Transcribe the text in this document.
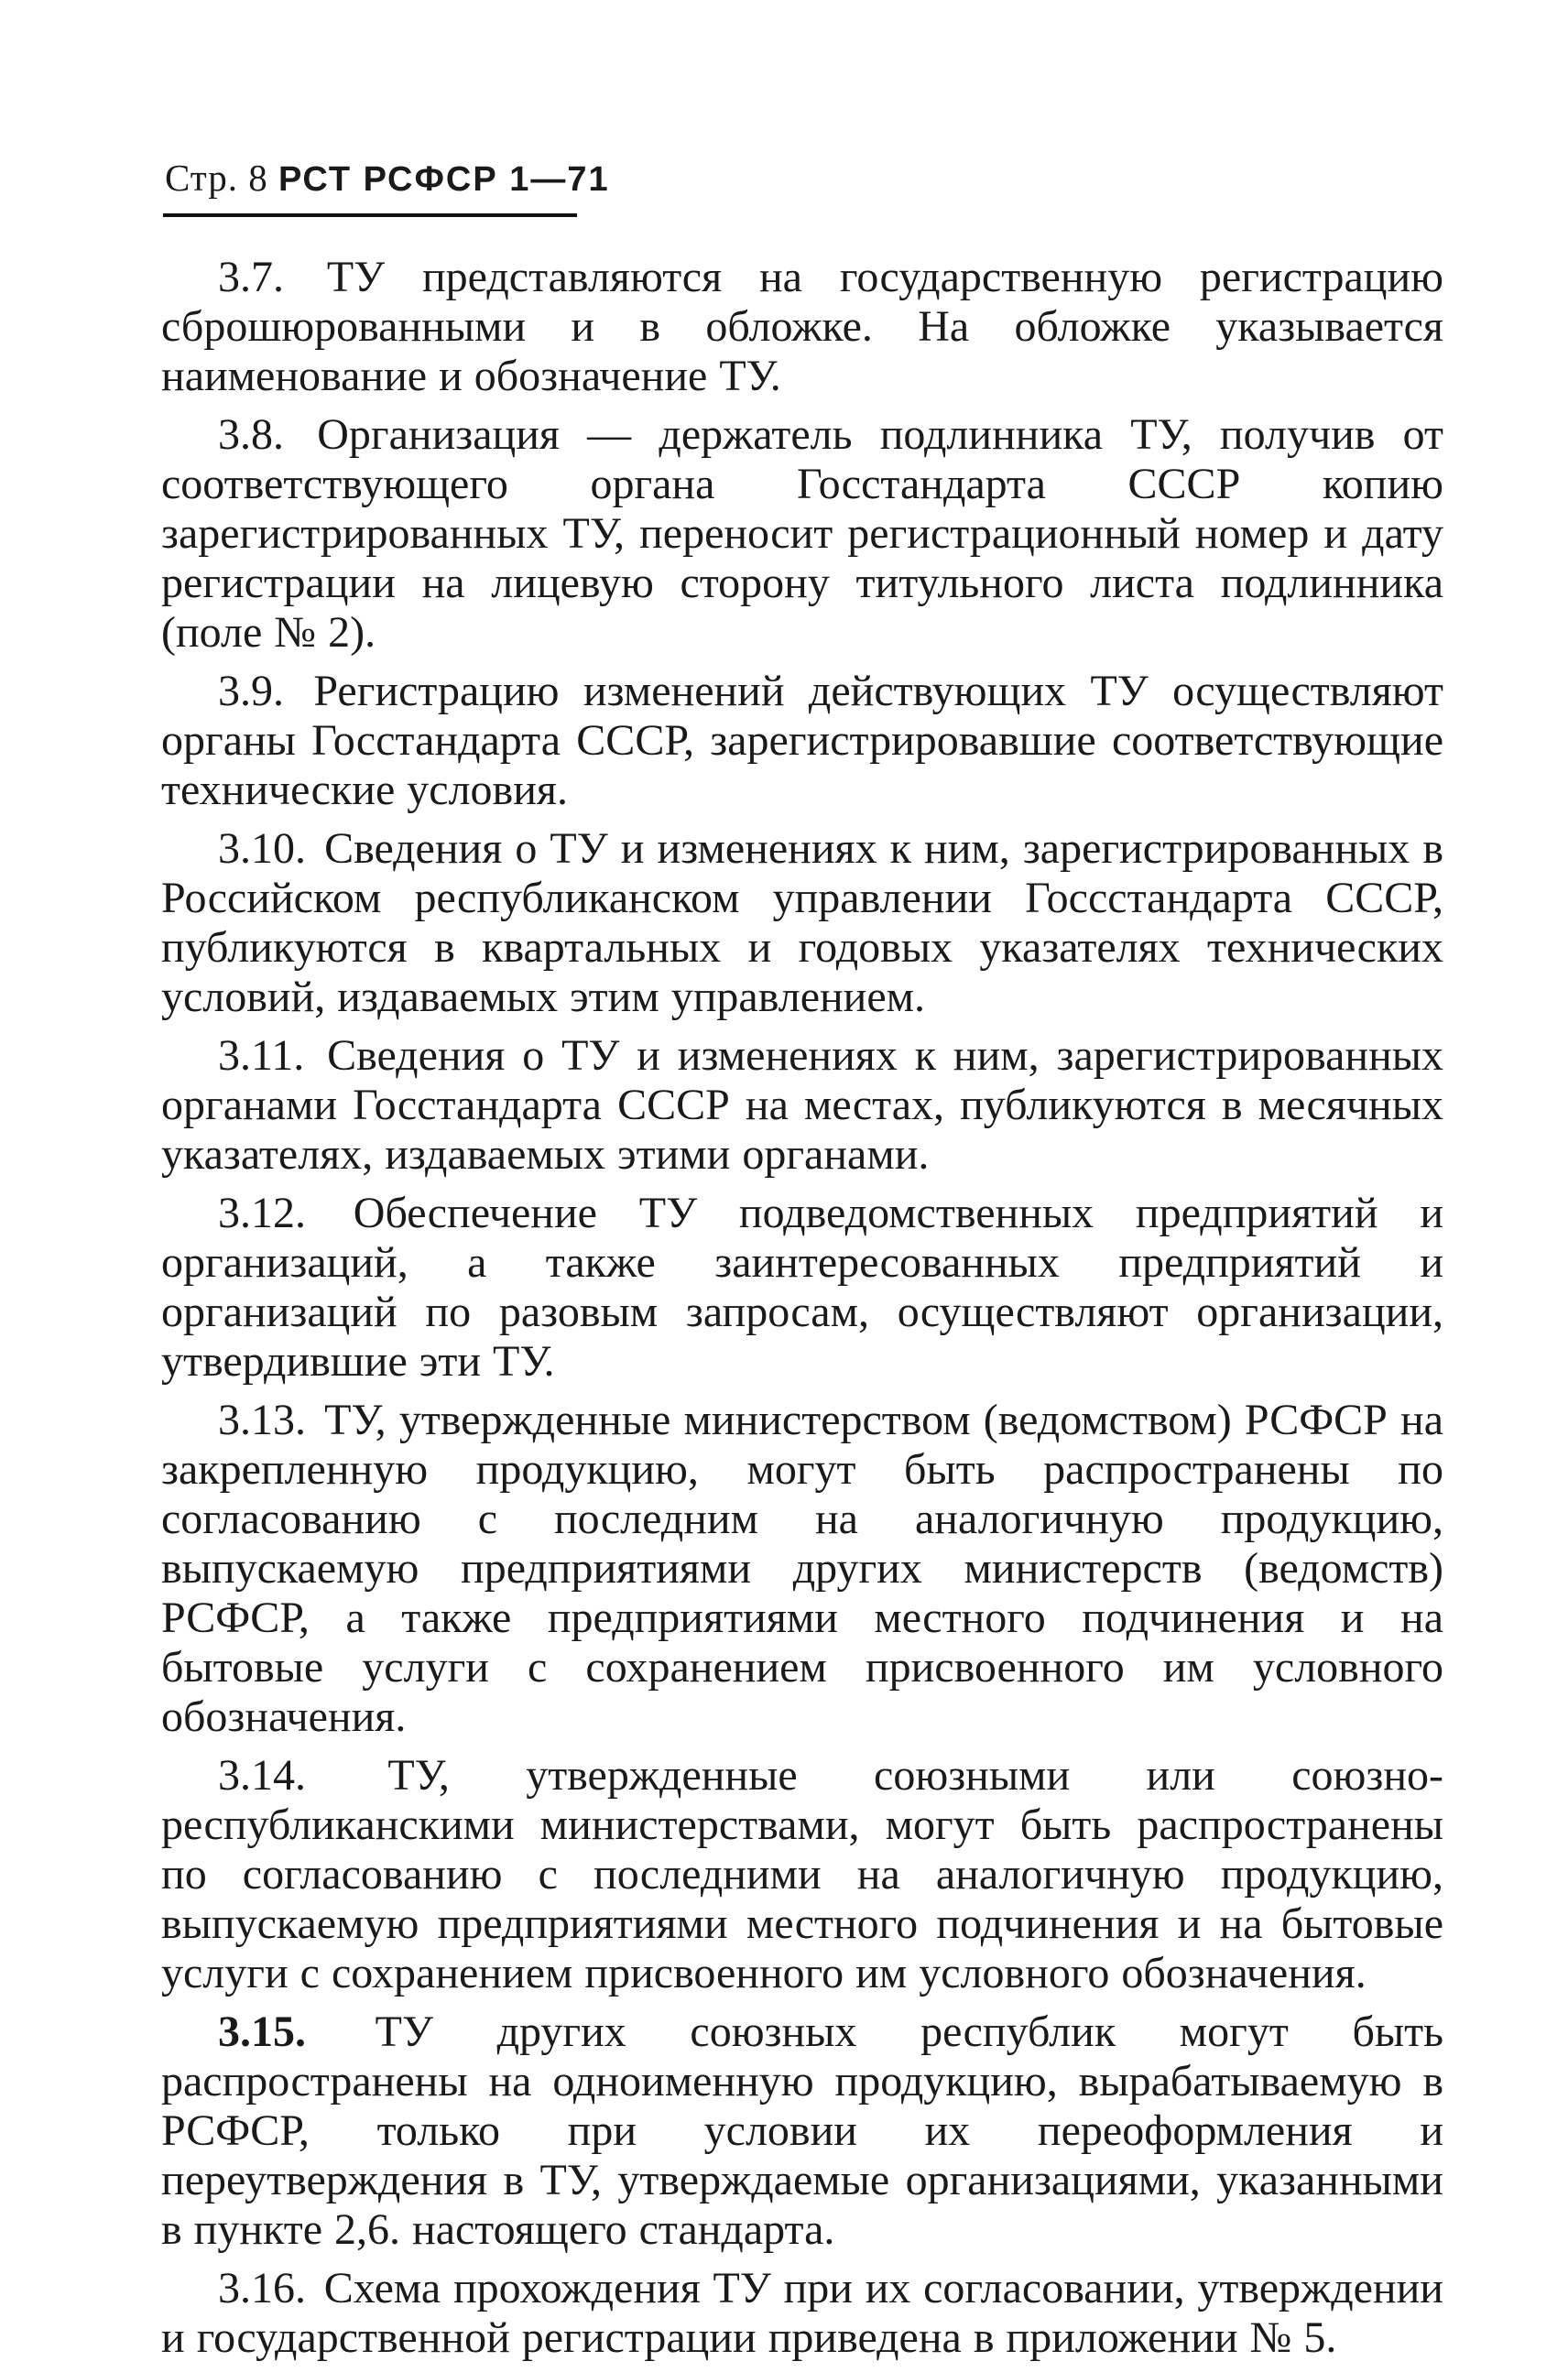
Стр. 8 РСТ РСФСР 1—71

3.7. ТУ представляются на государственную регистрацию сброшюрованными и в обложке. На обложке указывается наименование и обозначение ТУ.

3.8. Организация — держатель подлинника ТУ, получив от соответствующего органа Госстандарта СССР копию зарегистрированных ТУ, переносит регистрационный номер и дату регистрации на лицевую сторону титульного листа подлинника (поле № 2).

3.9. Регистрацию изменений действующих ТУ осуществляют органы Госстандарта СССР, зарегистрировавшие соответствующие технические условия.

3.10. Сведения о ТУ и изменениях к ним, зарегистрированных в Российском республиканском управлении Гоccстандарта СССР, публикуются в квартальных и годовых указателях технических условий, издаваемых этим управлением.

3.11. Сведения о ТУ и изменениях к ним, зарегистрированных органами Госстандарта СССР на местах, публикуются в месячных указателях, издаваемых этими органами.

3.12. Обеспечение ТУ подведомственных предприятий и организаций, а также заинтересованных предприятий и организаций по разовым запросам, осуществляют организации, утвердившие эти ТУ.

3.13. ТУ, утвержденные министерством (ведомством) РСФСР на закрепленную продукцию, могут быть распространены по согласованию с последним на аналогичную продукцию, выпускаемую предприятиями других министерств (ведомств) РСФСР, а также предприятиями местного подчинения и на бытовые услуги с сохранением присвоенного им условного обозначения.

3.14. ТУ, утвержденные союзными или союзно-республиканскими министерствами, могут быть распространены по согласованию с последними на аналогичную продукцию, выпускаемую предприятиями местного подчинения и на бытовые услуги с сохранением присвоенного им условного обозначения.

3.15. ТУ других союзных республик могут быть распространены на одноименную продукцию, вырабатываемую в РСФСР, только при условии их переоформления и переутверждения в ТУ, утверждаемые организациями, указанными в пункте 2,6. настоящего стандарта.

3.16. Схема прохождения ТУ при их согласовании, утверждении и государственной регистрации приведена в приложении № 5.
